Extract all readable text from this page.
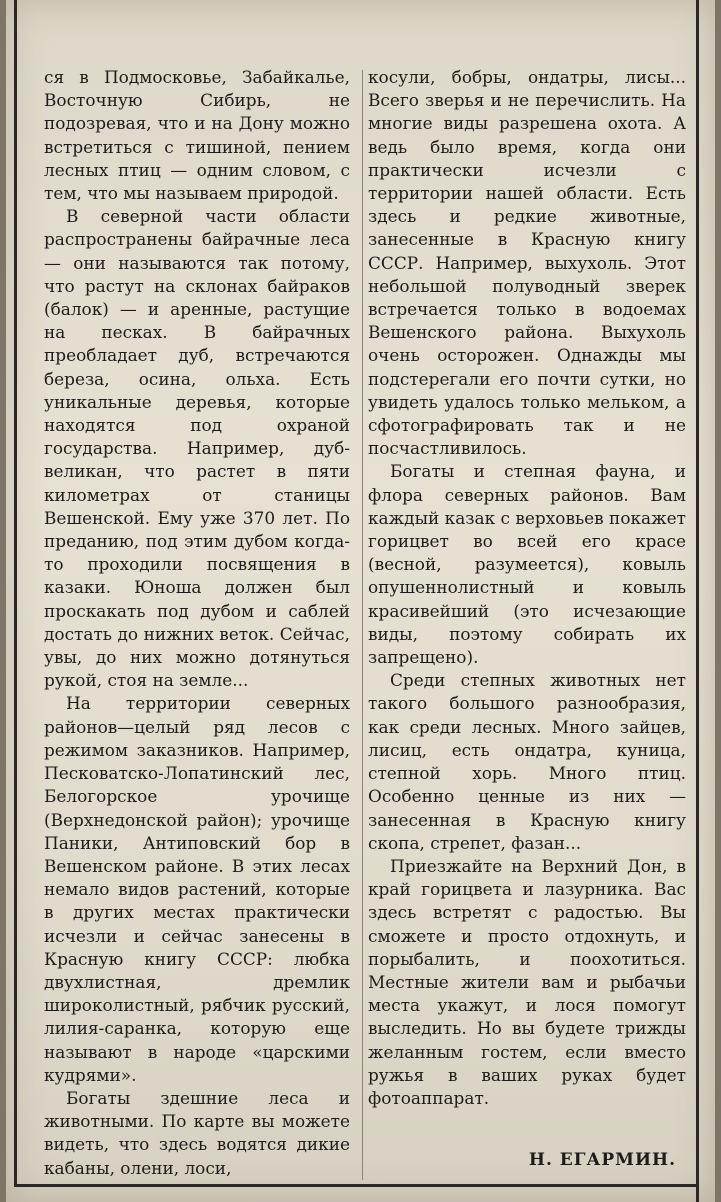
ся в Подмосковье, Забайкалье, Восточную Сибирь, не подозревая, что и на Дону можно встретиться с тишиной, пением лесных птиц — одним словом, с тем, что мы называем природой.

В северной части области распространены байрачные леса — они называются так потому, что растут на склонах байраков (балок) — и аренные, растущие на песках. В байрачных преобладает дуб, встречаются береза, осина, ольха. Есть уникальные деревья, которые находятся под охраной государства. Например, дуб-великан, что растет в пяти километрах от станицы Вешенской. Ему уже 370 лет. По преданию, под этим дубом когда-то проходили посвящения в казаки. Юноша должен был проскакать под дубом и саблей достать до нижних веток. Сейчас, увы, до них можно дотянуться рукой, стоя на земле...

На территории северных районов—целый ряд лесов с режимом заказников. Например, Песковатско-Лопатинский лес, Белогорское урочище (Верхнедонской район); урочище Паники, Антиповский бор в Вешенском районе. В этих лесах немало видов растений, которые в других местах практически исчезли и сейчас занесены в Красную книгу СССР: любка двухлистная, дремлик широколистный, рябчик русский, лилия-саранка, которую еще называют в народе «царскими кудрями».

Богаты здешние леса и животными. По карте вы можете видеть, что здесь водятся дикие кабаны, олени, лоси,

косули, бобры, ондатры, лисы... Всего зверья и не перечислить. На многие виды разрешена охота. А ведь было время, когда они практически исчезли с территории нашей области. Есть здесь и редкие животные, занесенные в Красную книгу СССР. Например, выхухоль. Этот небольшой полуводный зверек встречается только в водоемах Вешенского района. Выхухоль очень осторожен. Однажды мы подстерегали его почти сутки, но увидеть удалось только мельком, а сфотографировать так и не посчастливилось.

Богаты и степная фауна, и флора северных районов. Вам каждый казак с верховьев покажет горицвет во всей его красе (весной, разумеется), ковыль опушеннолистный и ковыль красивейший (это исчезающие виды, поэтому собирать их запрещено).

Среди степных животных нет такого большого разнообразия, как среди лесных. Много зайцев, лисиц, есть ондатра, куница, степной хорь. Много птиц. Особенно ценные из них — занесенная в Красную книгу скопа, стрепет, фазан...

Приезжайте на Верхний Дон, в край горицвета и лазурника. Вас здесь встретят с радостью. Вы сможете и просто отдохнуть, и порыбалить, и поохотиться. Местные жители вам и рыбачьи места укажут, и лося помогут выследить. Но вы будете трижды желанным гостем, если вместо ружья в ваших руках будет фотоаппарат.

Н. ЕГАРМИН.
